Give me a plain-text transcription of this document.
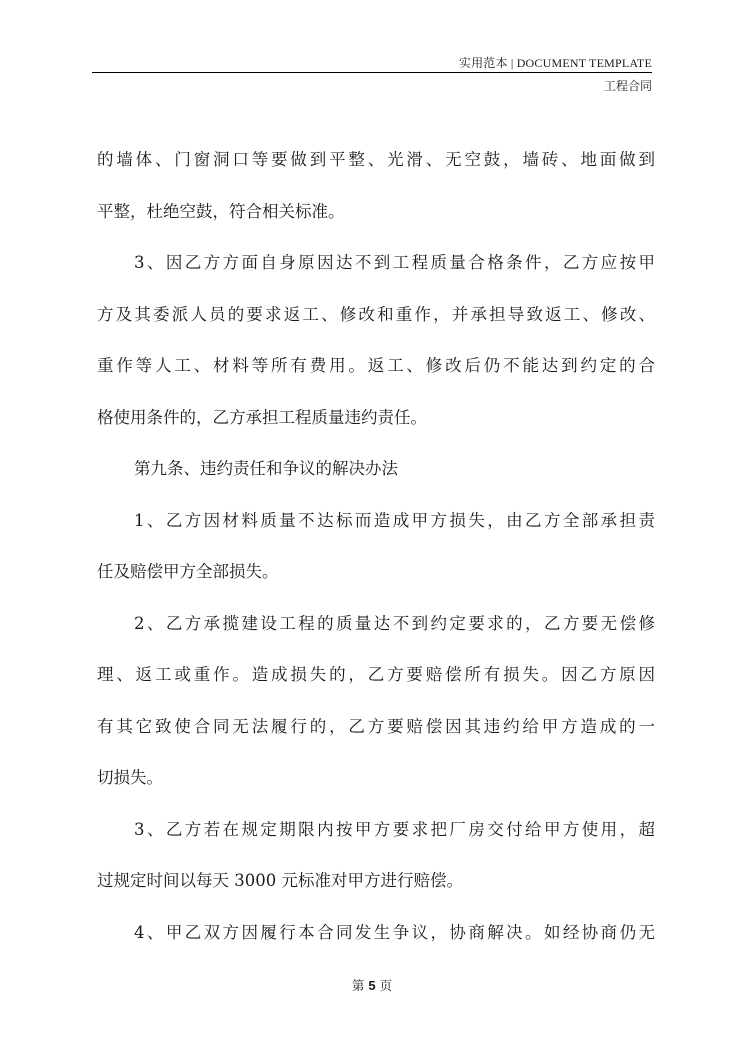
实用范本 | DOCUMENT TEMPLATE
工程合同
的墙体、门窗洞口等要做到平整、光滑、无空鼓，墙砖、地面做到
平整，杜绝空鼓，符合相关标准。
3、因乙方方面自身原因达不到工程质量合格条件，乙方应按甲
方及其委派人员的要求返工、修改和重作，并承担导致返工、修改、
重作等人工、材料等所有费用。返工、修改后仍不能达到约定的合
格使用条件的，乙方承担工程质量违约责任。
第九条、违约责任和争议的解决办法
1、乙方因材料质量不达标而造成甲方损失，由乙方全部承担责
任及赔偿甲方全部损失。
2、乙方承揽建设工程的质量达不到约定要求的，乙方要无偿修
理、返工或重作。造成损失的，乙方要赔偿所有损失。因乙方原因
有其它致使合同无法履行的，乙方要赔偿因其违约给甲方造成的一
切损失。
3、乙方若在规定期限内按甲方要求把厂房交付给甲方使用，超
过规定时间以每天 3000 元标准对甲方进行赔偿。
4、甲乙双方因履行本合同发生争议，协商解决。如经协商仍无
第 5 页
